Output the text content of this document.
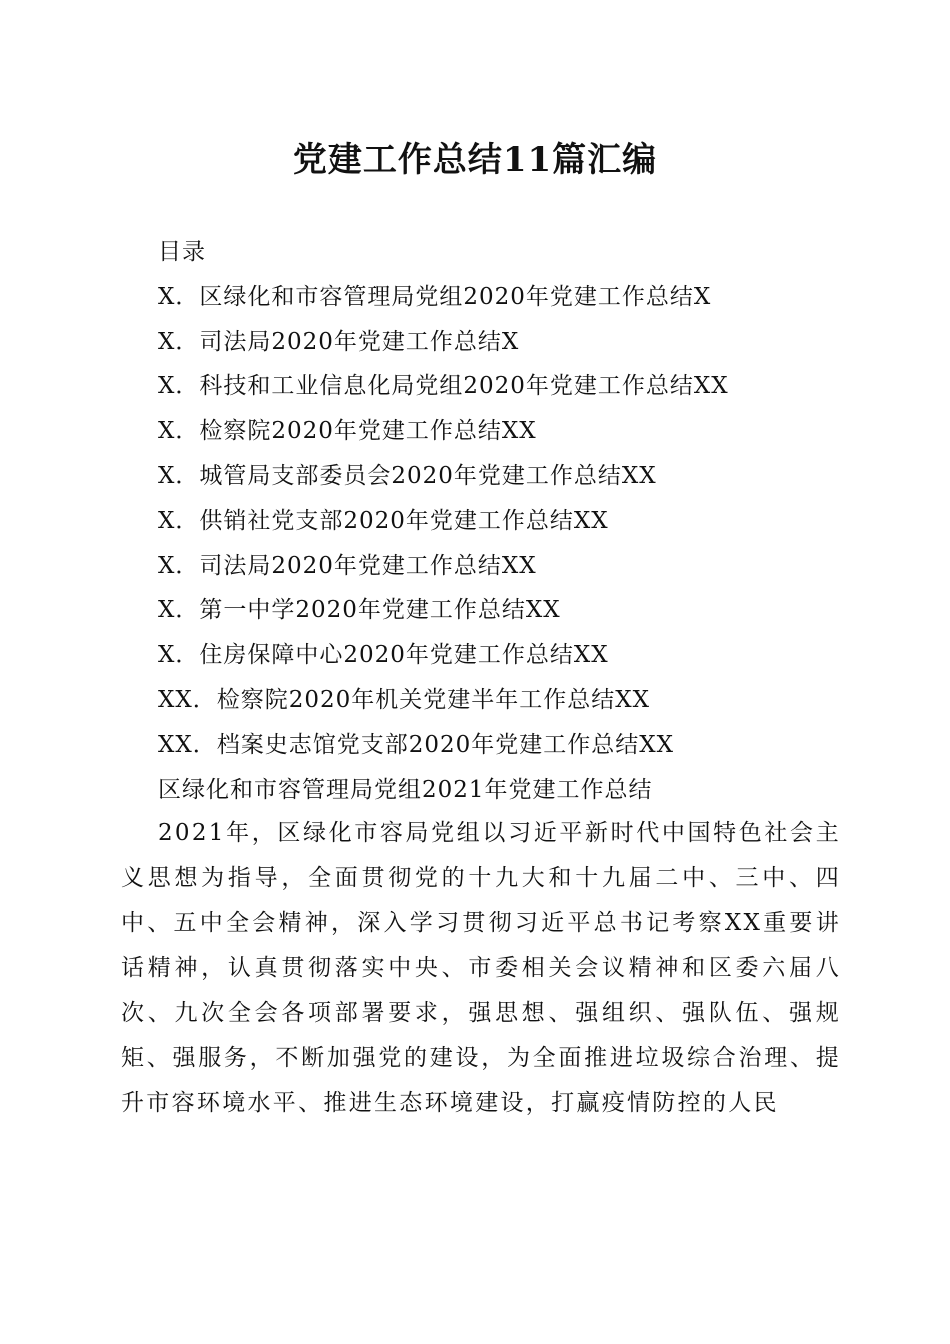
党建工作总结11篇汇编
目录
X．区绿化和市容管理局党组2020年党建工作总结X
X．司法局2020年党建工作总结X
X．科技和工业信息化局党组2020年党建工作总结XX
X．检察院2020年党建工作总结XX
X．城管局支部委员会2020年党建工作总结XX
X．供销社党支部2020年党建工作总结XX
X．司法局2020年党建工作总结XX
X．第一中学2020年党建工作总结XX
X．住房保障中心2020年党建工作总结XX
XX．检察院2020年机关党建半年工作总结XX
XX．档案史志馆党支部2020年党建工作总结XX
区绿化和市容管理局党组2021年党建工作总结
2021年，区绿化市容局党组以习近平新时代中国特色社会主义思想为指导，全面贯彻党的十九大和十九届二中、三中、四中、五中全会精神，深入学习贯彻习近平总书记考察XX重要讲话精神，认真贯彻落实中央、市委相关会议精神和区委六届八次、九次全会各项部署要求，强思想、强组织、强队伍、强规矩、强服务，不断加强党的建设，为全面推进垃圾综合治理、提升市容环境水平、推进生态环境建设，打赢疫情防控的人民
